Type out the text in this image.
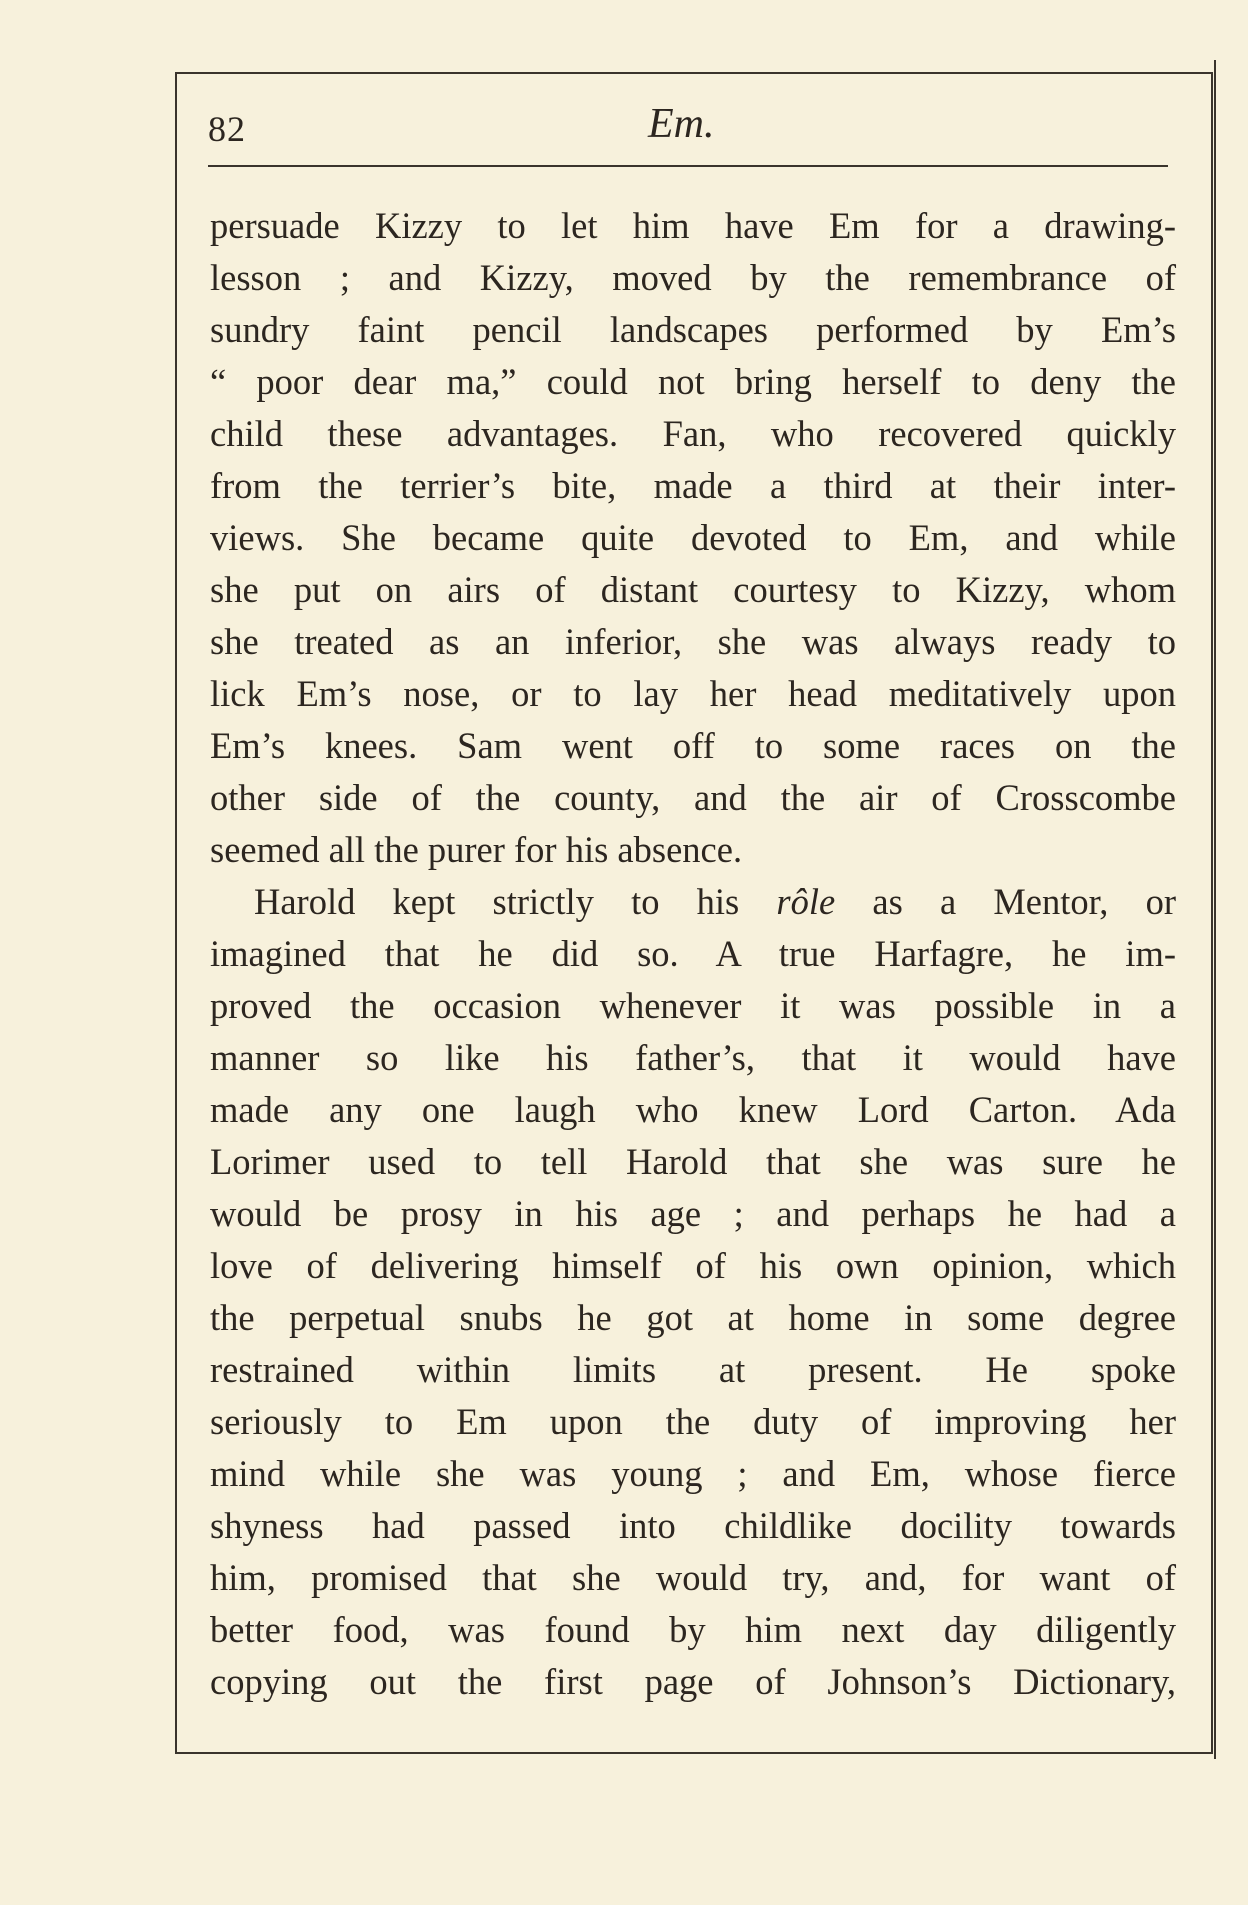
82	Em.
persuade Kizzy to let him have Em for a drawing-
lesson ; and Kizzy, moved by the remembrance of
sundry faint pencil landscapes performed by Em’s
“ poor dear ma,” could not bring herself to deny the
child these advantages. Fan, who recovered quickly
from the terrier’s bite, made a third at their inter-
views. She became quite devoted to Em, and while
she put on airs of distant courtesy to Kizzy, whom
she treated as an inferior, she was always ready to
lick Em’s nose, or to lay her head meditatively upon
Em’s knees. Sam went off to some races on the
other side of the county, and the air of Crosscombe
seemed all the purer for his absence.
Harold kept strictly to his rôle as a Mentor, or
imagined that he did so. A true Harfagre, he im-
proved the occasion whenever it was possible in a
manner so like his father’s, that it would have
made any one laugh who knew Lord Carton. Ada
Lorimer used to tell Harold that she was sure he
would be prosy in his age ; and perhaps he had a
love of delivering himself of his own opinion, which
the perpetual snubs he got at home in some degree
restrained within limits at present. He spoke
seriously to Em upon the duty of improving her
mind while she was young ; and Em, whose fierce
shyness had passed into childlike docility towards
him, promised that she would try, and, for want of
better food, was found by him next day diligently
copying out the first page of Johnson’s Dictionary,
